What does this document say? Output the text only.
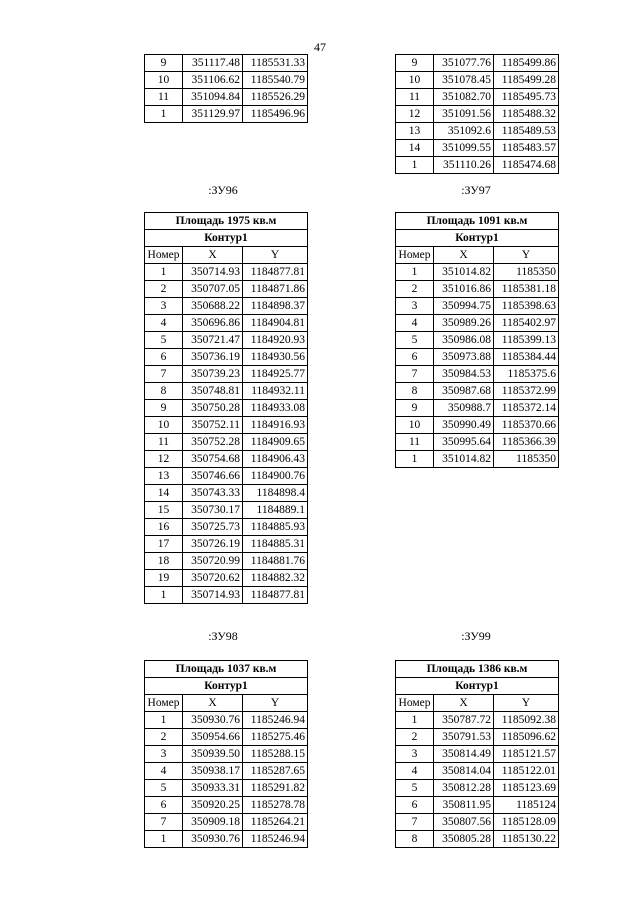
47
9	351117.48	1185531.33
10	351106.62	1185540.79
11	351094.84	1185526.29
1	351129.97	1185496.96
9	351077.76	1185499.86
10	351078.45	1185499.28
11	351082.70	1185495.73
12	351091.56	1185488.32
13	351092.6	1185489.53
14	351099.55	1185483.57
1	351110.26	1185474.68
:ЗУ96	:ЗУ97
Площадь 1975 кв.м		
Контур1		
Номер	X	Y
1	350714.93	1184877.81
2	350707.05	1184871.86
3	350688.22	1184898.37
4	350696.86	1184904.81
5	350721.47	1184920.93
6	350736.19	1184930.56
7	350739.23	1184925.77
8	350748.81	1184932.11
9	350750.28	1184933.08
10	350752.11	1184916.93
11	350752.28	1184909.65
12	350754.68	1184906.43
13	350746.66	1184900.76
14	350743.33	1184898.4
15	350730.17	1184889.1
16	350725.73	1184885.93
17	350726.19	1184885.31
18	350720.99	1184881.76
19	350720.62	1184882.32
1	350714.93	1184877.81
Площадь 1091 кв.м		
Контур1		
Номер	X	Y
1	351014.82	1185350
2	351016.86	1185381.18
3	350994.75	1185398.63
4	350989.26	1185402.97
5	350986.08	1185399.13
6	350973.88	1185384.44
7	350984.53	1185375.6
8	350987.68	1185372.99
9	350988.7	1185372.14
10	350990.49	1185370.66
11	350995.64	1185366.39
1	351014.82	1185350
:ЗУ98	:ЗУ99
Площадь 1037 кв.м		
Контур1		
Номер	X	Y
1	350930.76	1185246.94
2	350954.66	1185275.46
3	350939.50	1185288.15
4	350938.17	1185287.65
5	350933.31	1185291.82
6	350920.25	1185278.78
7	350909.18	1185264.21
1	350930.76	1185246.94
Площадь 1386 кв.м		
Контур1		
Номер	X	Y
1	350787.72	1185092.38
2	350791.53	1185096.62
3	350814.49	1185121.57
4	350814.04	1185122.01
5	350812.28	1185123.69
6	350811.95	1185124
7	350807.56	1185128.09
8	350805.28	1185130.22
